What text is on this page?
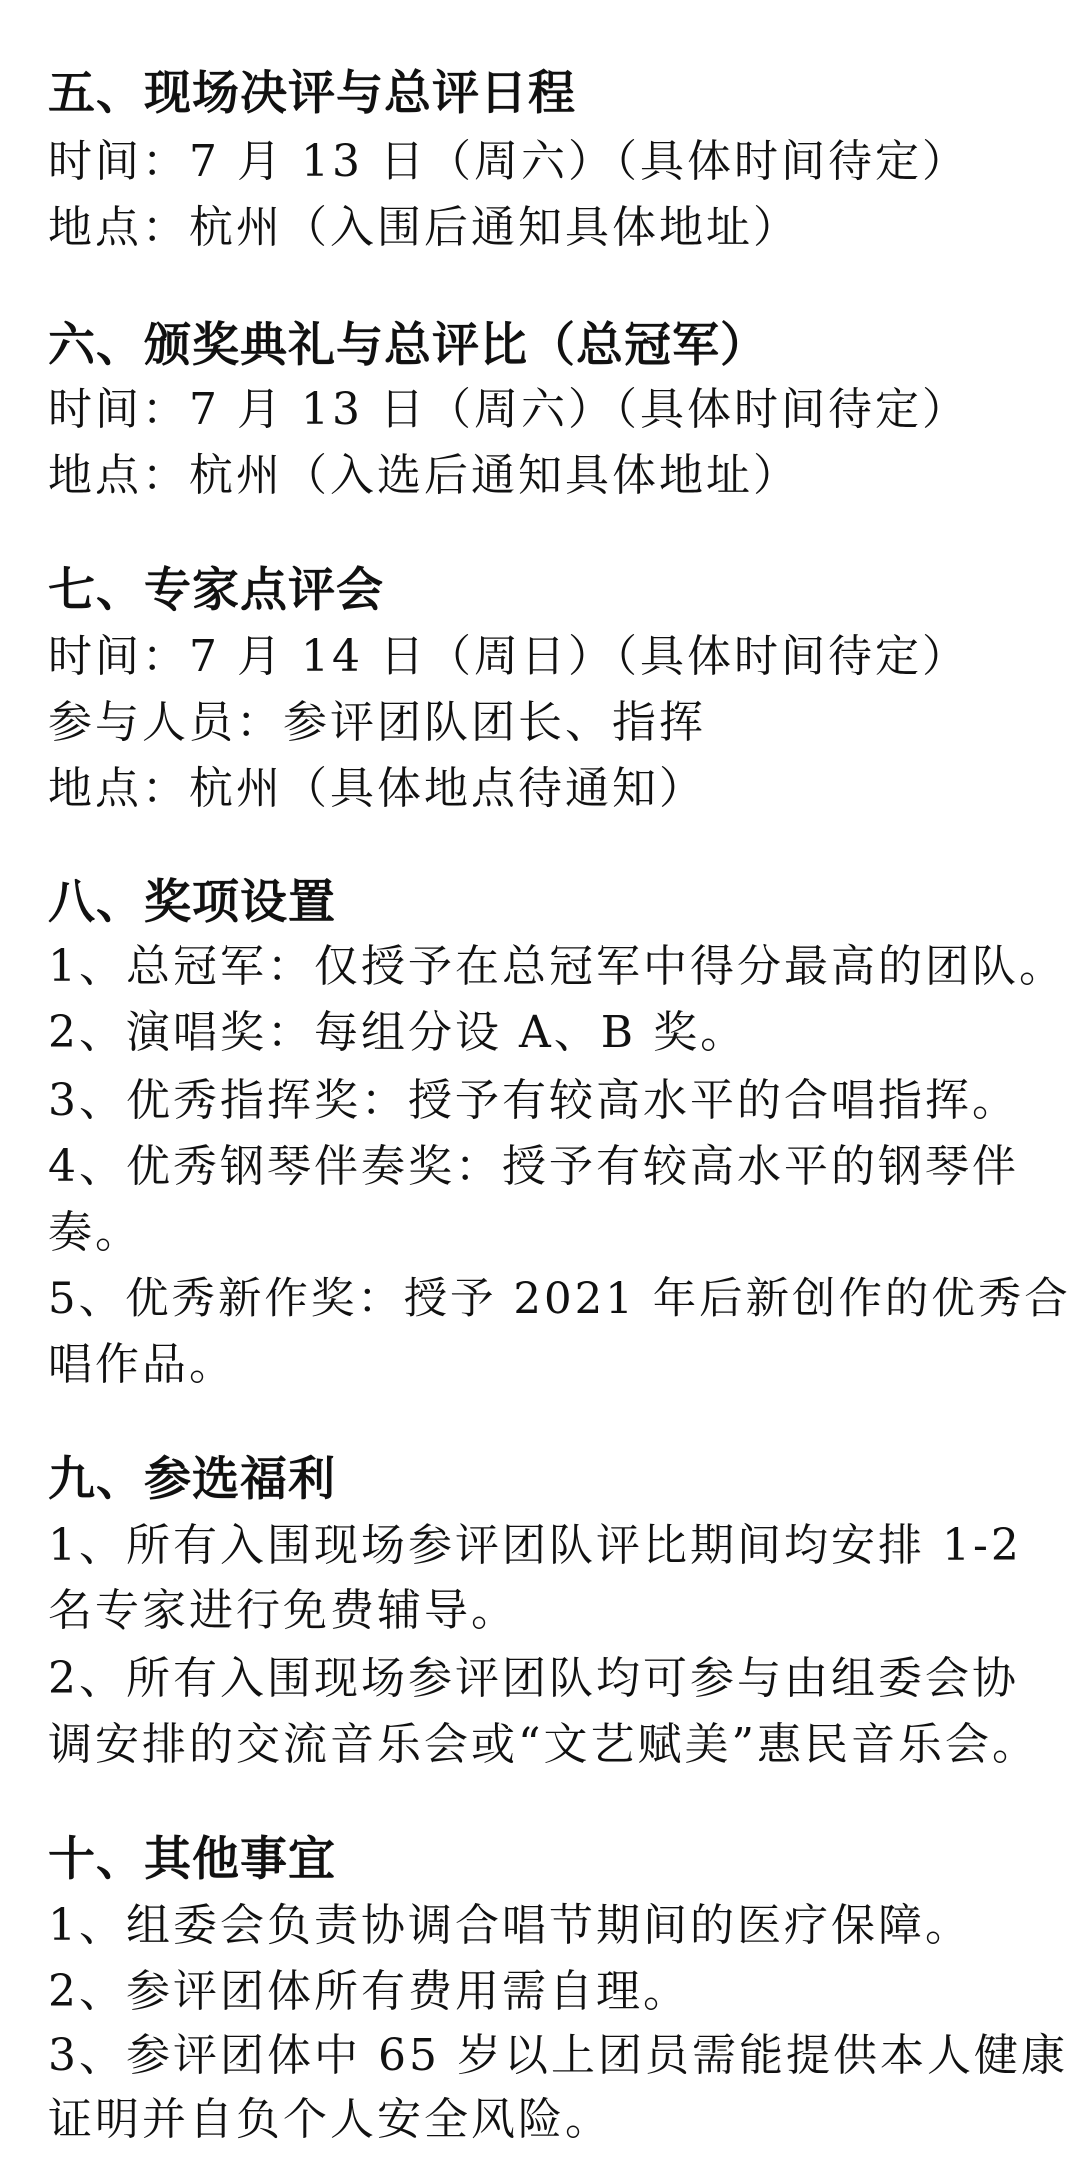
五、现场决评与总评日程
时间：7 月 13 日（周六）（具体时间待定）
地点：杭州（入围后通知具体地址）
六、颁奖典礼与总评比（总冠军）
时间：7 月 13 日（周六）（具体时间待定）
地点：杭州（入选后通知具体地址）
七、专家点评会
时间：7 月 14 日（周日）（具体时间待定）
参与人员：参评团队团长、指挥
地点：杭州（具体地点待通知）
八、奖项设置
1、总冠军：仅授予在总冠军中得分最高的团队。
2、演唱奖：每组分设 A、B 奖。
3、优秀指挥奖：授予有较高水平的合唱指挥。
4、优秀钢琴伴奏奖：授予有较高水平的钢琴伴
奏。
5、优秀新作奖：授予 2021 年后新创作的优秀合
唱作品。
九、参选福利
1、所有入围现场参评团队评比期间均安排 1-2
名专家进行免费辅导。
2、所有入围现场参评团队均可参与由组委会协
调安排的交流音乐会或“文艺赋美”惠民音乐会。
十、其他事宜
1、组委会负责协调合唱节期间的医疗保障。
2、参评团体所有费用需自理。
3、参评团体中 65 岁以上团员需能提供本人健康
证明并自负个人安全风险。
